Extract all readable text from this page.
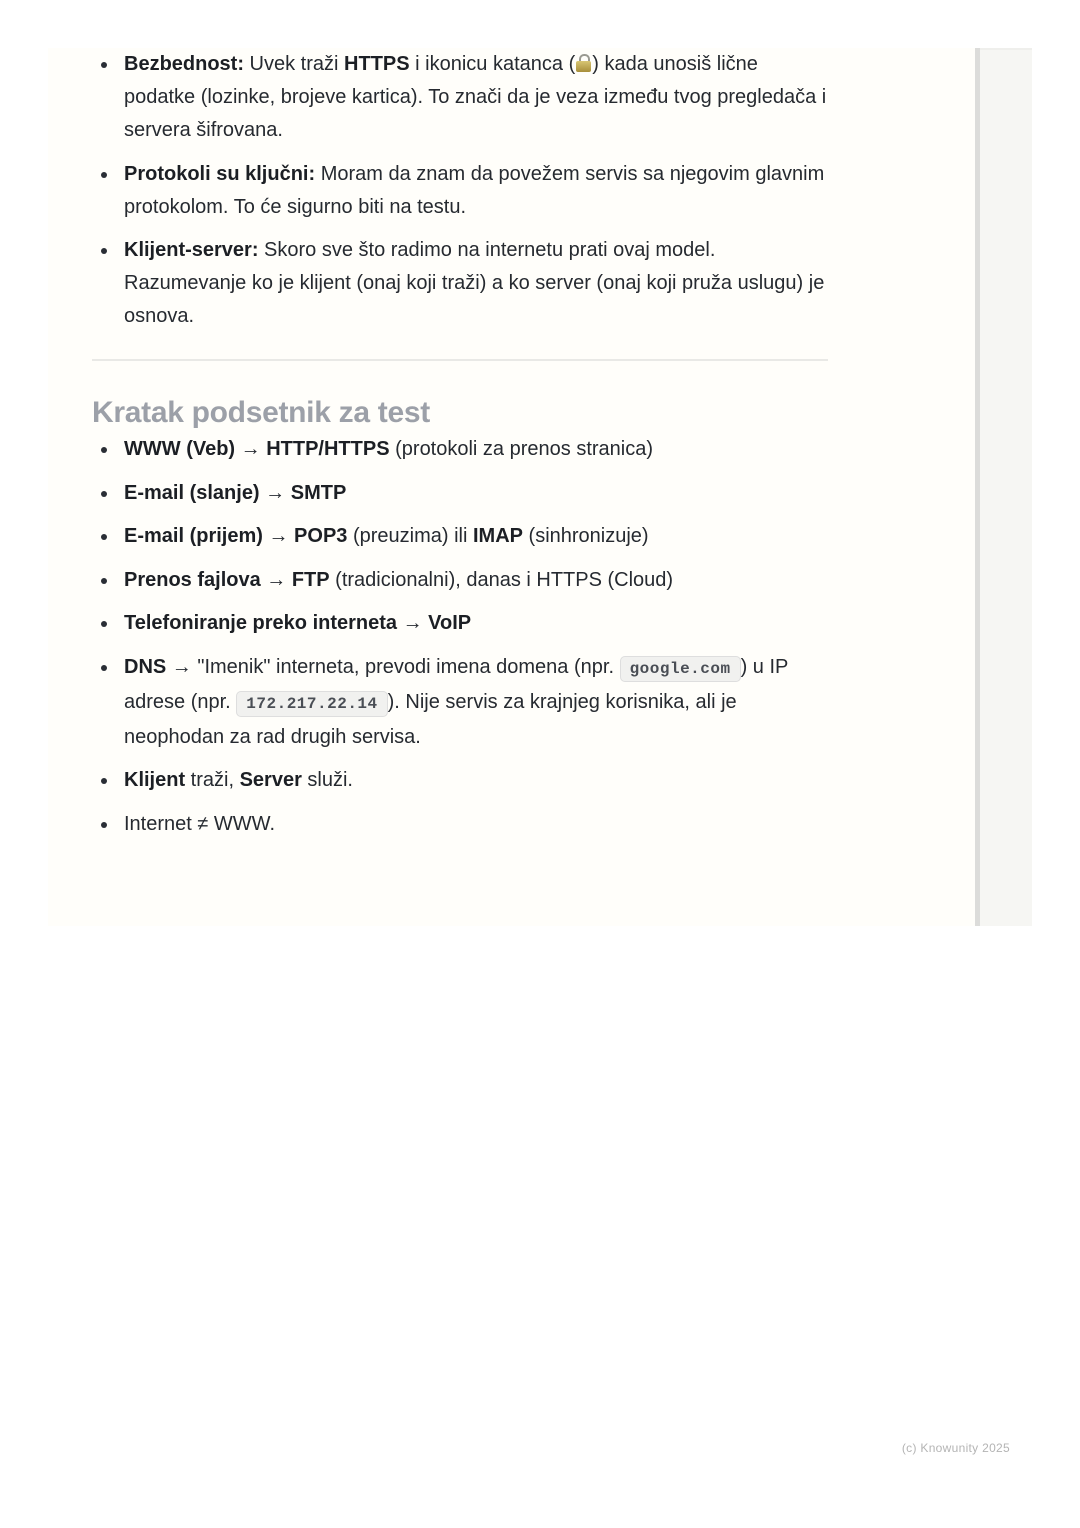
Bezbednost: Uvek traži HTTPS i ikonicu katanca ( ) kada unosiš lične podatke (lozinke, brojeve kartica). To znači da je veza između tvog pregledača i servera šifrovana.
Protokoli su ključni: Moram da znam da povežem servis sa njegovim glavnim protokolom. To će sigurno biti na testu.
Klijent-server: Skoro sve što radimo na internetu prati ovaj model. Razumevanje ko je klijent (onaj koji traži) a ko server (onaj koji pruža uslugu) je osnova.
Kratak podsetnik za test
WWW (Veb) → HTTP/HTTPS (protokoli za prenos stranica)
E-mail (slanje) → SMTP
E-mail (prijem) → POP3 (preuzima) ili IMAP (sinhronizuje)
Prenos fajlova → FTP (tradicionalni), danas i HTTPS (Cloud)
Telefoniranje preko interneta → VoIP
DNS → "Imenik" interneta, prevodi imena domena (npr. google.com ) u IP adrese (npr. 172.217.22.14 ). Nije servis za krajnjeg korisnika, ali je neophodan za rad drugih servisa.
Klijent traži, Server služi.
Internet ≠ WWW.
(c) Knowunity 2025
